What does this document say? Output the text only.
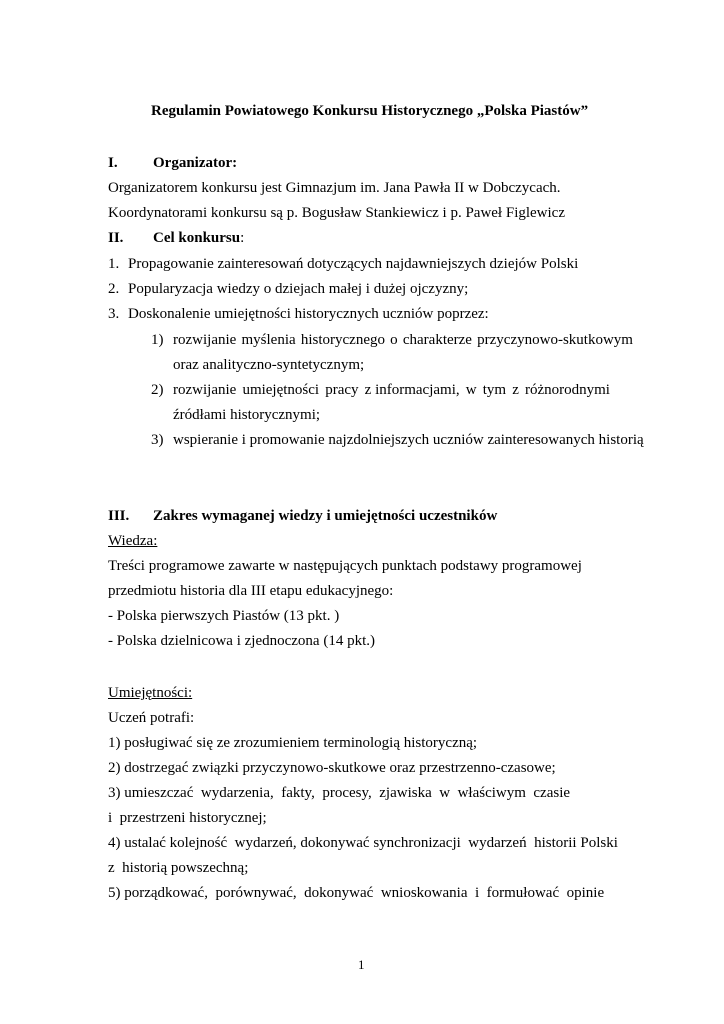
Regulamin Powiatowego Konkursu Historycznego „Polska Piastów”
I. Organizator:
Organizatorem konkursu jest Gimnazjum im. Jana Pawła II w Dobczycach.
Koordynatorami konkursu są p. Bogusław Stankiewicz i p. Paweł Figlewicz
II. Cel konkursu:
1. Propagowanie zainteresowań dotyczących najdawniejszych dziejów Polski
2. Popularyzacja wiedzy o dziejach małej i dużej ojczyzny;
3. Doskonalenie umiejętności historycznych uczniów poprzez:
1) rozwijanie myślenia historycznego o charakterze przyczynowo-skutkowym
oraz analityczno-syntetycznym;
2) rozwijanie umiejętności pracy z informacjami, w tym z różnorodnymi
źródłami historycznymi;
3) wspieranie i promowanie najzdolniejszych uczniów zainteresowanych historią
III. Zakres wymaganej wiedzy i umiejętności uczestników
Wiedza:
Treści programowe zawarte w następujących punktach podstawy programowej
przedmiotu historia dla III etapu edukacyjnego:
- Polska pierwszych Piastów (13 pkt. )
- Polska dzielnicowa i zjednoczona (14 pkt.)
Umiejętności:
Uczeń potrafi:
1) posługiwać się ze zrozumieniem terminologią historyczną;
2) dostrzegać związki przyczynowo-skutkowe oraz przestrzenno-czasowe;
3) umieszczać  wydarzenia,  fakty,  procesy,  zjawiska  w  właściwym  czasie
i  przestrzeni historycznej;
4) ustalać kolejność  wydarzeń, dokonywać synchronizacji  wydarzeń  historii Polski
z  historią powszechną;
5) porządkować,  porównywać,  dokonywać  wnioskowania  i  formułować  opinie
1
